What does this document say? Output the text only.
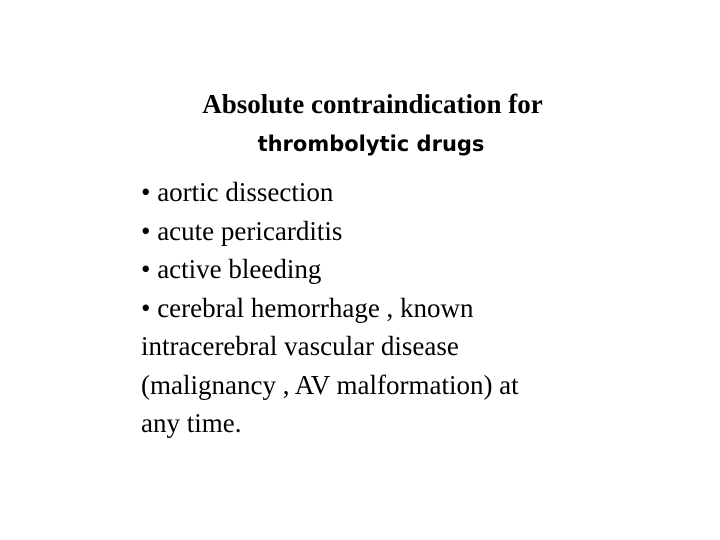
Absolute contraindication for
thrombolytic drugs
• aortic dissection
• acute pericarditis
• active bleeding
• cerebral hemorrhage , known
intracerebral vascular disease
(malignancy , AV malformation) at
any time.
